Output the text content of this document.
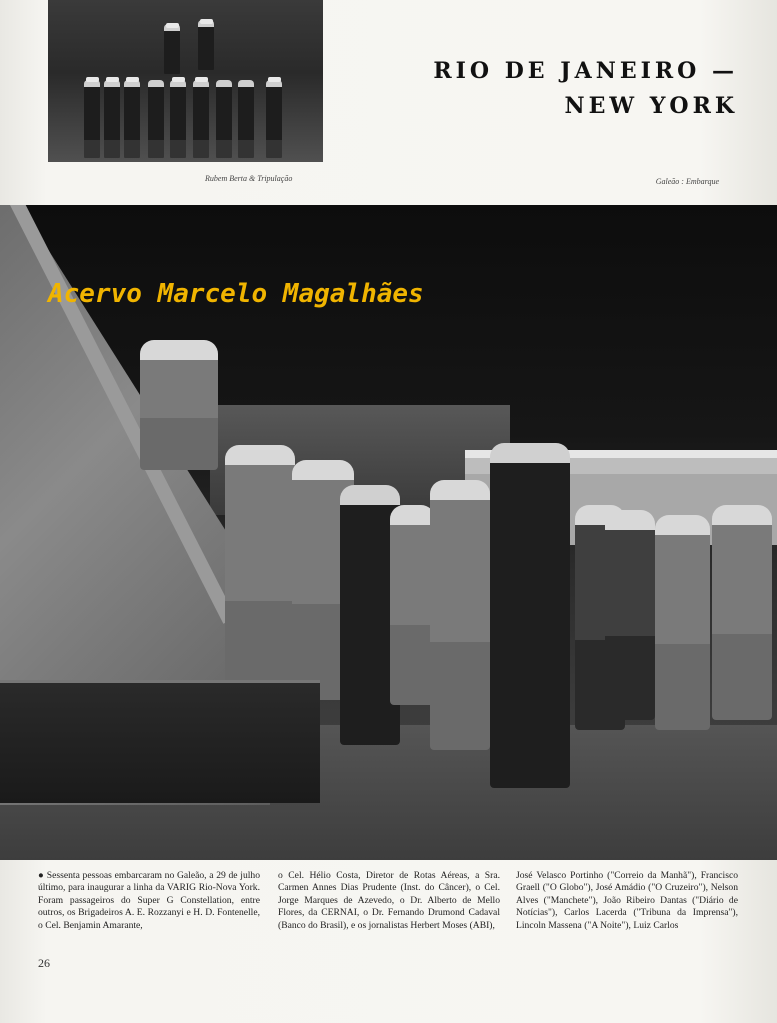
Rubem Berta & Tripulação	Galeão : Embarque
RIO DE JANEIRO —
NEW YORK
Acervo Marcelo Magalhães
● Sessenta pessoas embarcaram no Galeão, a 29 de julho último, para inaugurar a linha da VARIG Rio-Nova York. Foram passageiros do Super G Constellation, entre outros, os Brigadeiros A. E. Rozzanyi e H. D. Fontenelle, o Cel. Benjamin Amarante,
o Cel. Hélio Costa, Diretor de Rotas Aéreas, a Sra. Carmen Annes Dias Prudente (Inst. do Câncer), o Cel. Jorge Marques de Azevedo, o Dr. Alberto de Mello Flores, da CERNAI, o Dr. Fernando Drumond Cadaval (Banco do Brasil), e os jornalistas Herbert Moses (ABI),
José Velasco Portinho ("Correio da Manhã"), Francisco Graell ("O Globo"), José Amádio ("O Cruzeiro"), Nelson Alves ("Manchete"), João Ribeiro Dantas ("Diário de Notícias"), Carlos Lacerda ("Tribuna da Imprensa"), Lincoln Massena ("A Noite"), Luiz Carlos
26
